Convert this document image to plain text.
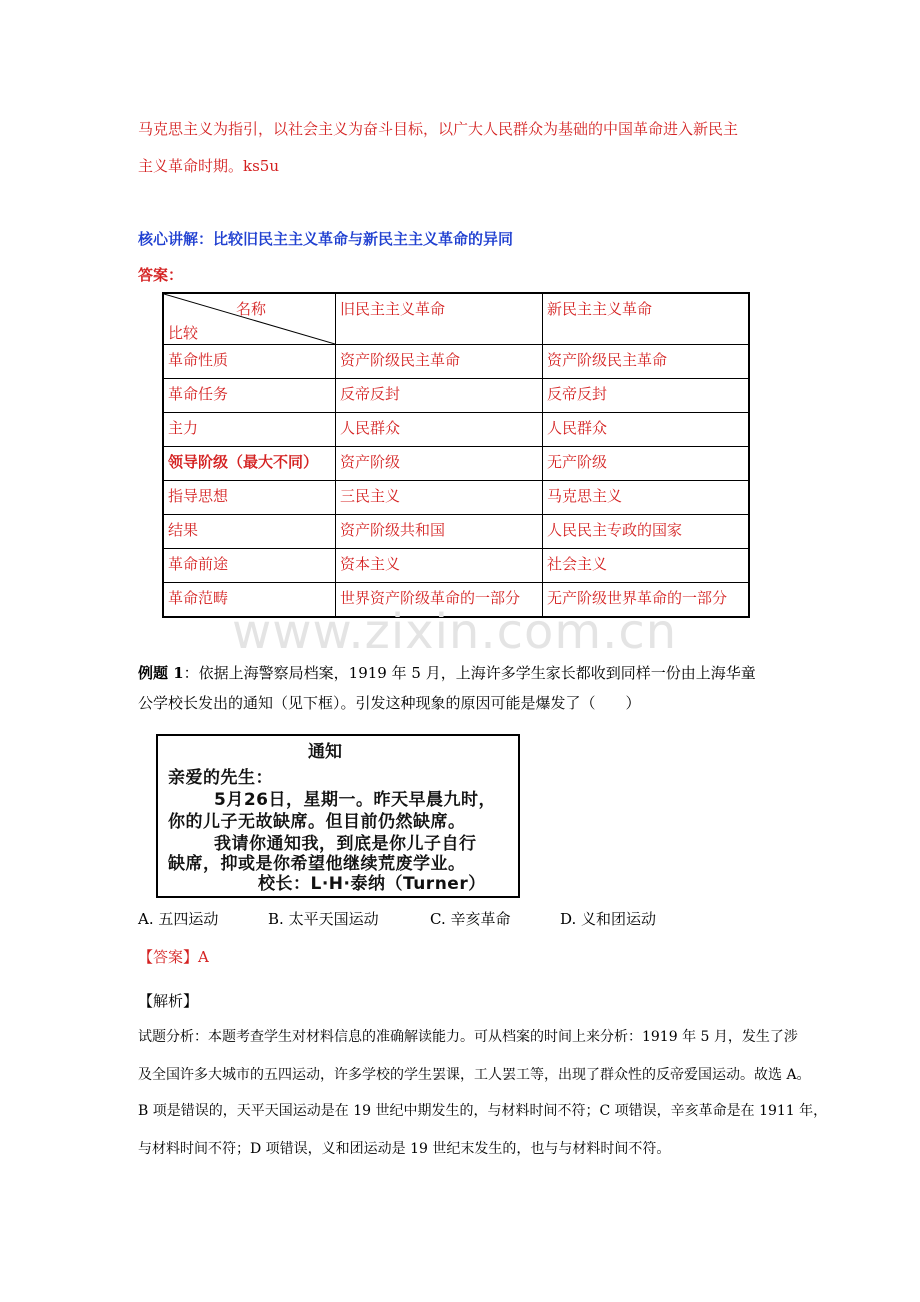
马克思主义为指引，以社会主义为奋斗目标，以广大人民群众为基础的中国革命进入新民主
主义革命时期。ks5u
核心讲解：比较旧民主主义革命与新民主主义革命的异同
答案：
名称
比较	旧民主主义革命	新民主主义革命
革命性质	资产阶级民主革命	资产阶级民主革命
革命任务	反帝反封	反帝反封
主力	人民群众	人民群众
领导阶级（最大不同）	资产阶级	无产阶级
指导思想	三民主义	马克思主义
结果	资产阶级共和国	人民民主专政的国家
革命前途	资本主义	社会主义
革命范畴	世界资产阶级革命的一部分	无产阶级世界革命的一部分
www.zixin.com.cn
例题 1：依据上海警察局档案，1919 年 5 月，上海许多学生家长都收到同样一份由上海华童
公学校长发出的通知（见下框）。引发这种现象的原因可能是爆发了（　　）
通知
亲爱的先生：
5月26日，星期一。昨天早晨九时，
你的儿子无故缺席。但目前仍然缺席。
我请你通知我，到底是你儿子自行
缺席，抑或是你希望他继续荒废学业。
校长：L·H·泰纳（Turner）
A. 五四运动	B. 太平天国运动	C. 辛亥革命	D. 义和团运动
【答案】A
【解析】
试题分析：本题考查学生对材料信息的准确解读能力。可从档案的时间上来分析：1919 年 5 月，发生了涉
及全国许多大城市的五四运动，许多学校的学生罢课，工人罢工等，出现了群众性的反帝爱国运动。故选 A。
B 项是错误的，天平天国运动是在 19 世纪中期发生的，与材料时间不符；C 项错误，辛亥革命是在 1911 年，
与材料时间不符；D 项错误，义和团运动是 19 世纪末发生的，也与与材料时间不符。
